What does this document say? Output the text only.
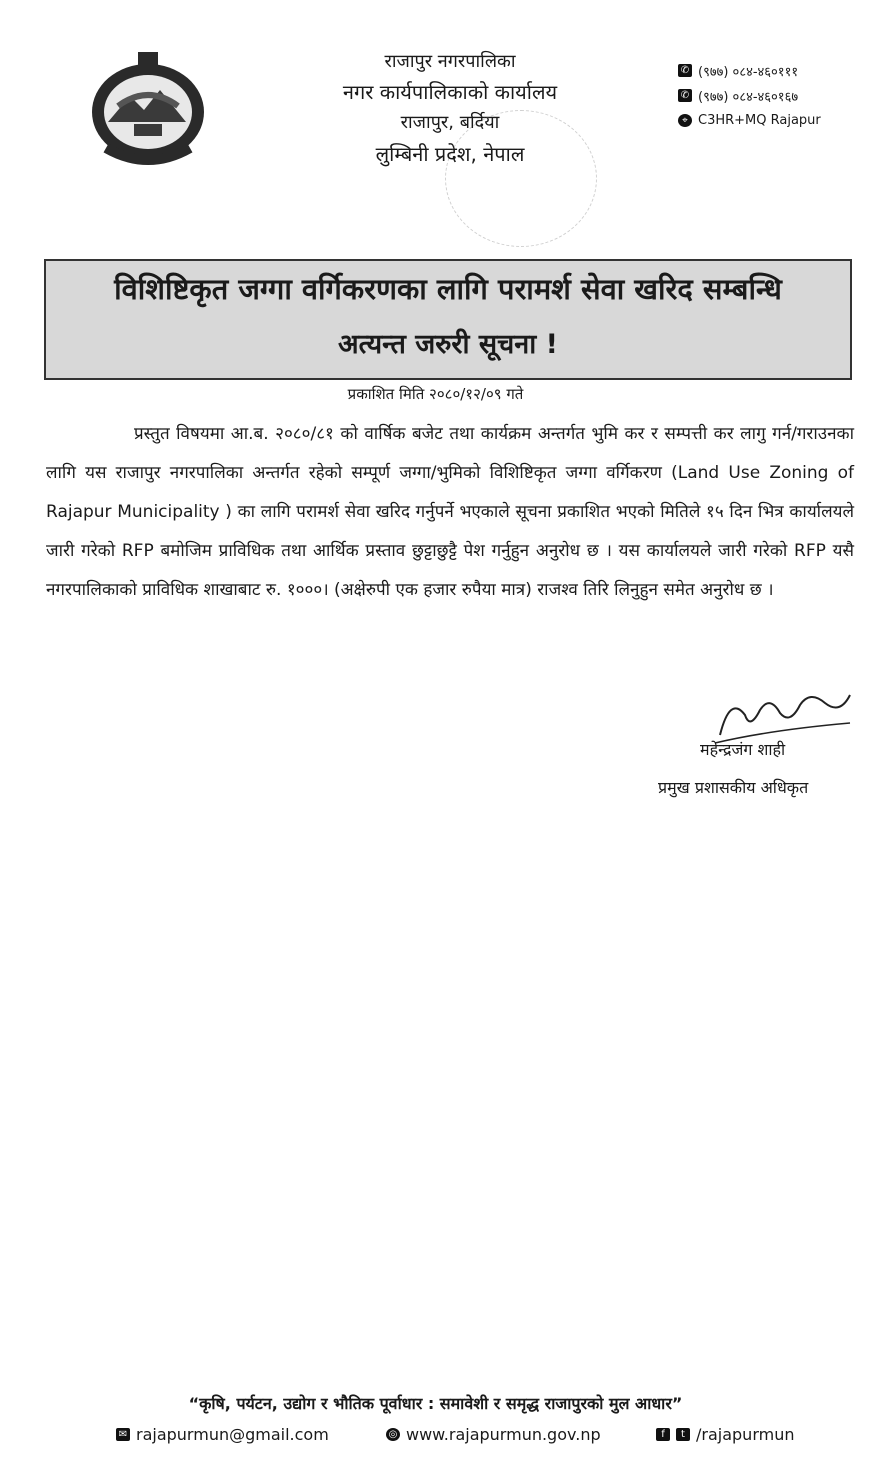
राजापुर नगरपालिका
नगर कार्यपालिकाको कार्यालय
राजापुर, बर्दिया
लुम्बिनी प्रदेश, नेपाल
✆ (९७७) ०८४-४६०१११
✆ (९७७) ०८४-४६०१६७
⌖ C3HR+MQ Rajapur
विशिष्टिकृत जग्गा वर्गिकरणका लागि परामर्श सेवा खरिद सम्बन्धि
अत्यन्त जरुरी सूचना !
प्रकाशित मिति २०८०/१२/०९ गते
प्रस्तुत विषयमा आ.ब. २०८०/८१ को वार्षिक बजेट तथा कार्यक्रम अन्तर्गत भुमि कर र सम्पत्ती कर लागु गर्न/गराउनका लागि यस राजापुर नगरपालिका अन्तर्गत रहेको सम्पूर्ण जग्गा/भुमिको विशिष्टिकृत जग्गा वर्गिकरण (Land Use Zoning of Rajapur Municipality ) का लागि परामर्श सेवा खरिद गर्नुपर्ने भएकाले सूचना प्रकाशित भएको मितिले १५ दिन भित्र कार्यालयले जारी गरेको RFP बमोजिम प्राविधिक तथा आर्थिक प्रस्ताव छुट्टाछुट्टै पेश गर्नुहुन अनुरोध छ । यस कार्यालयले जारी गरेको RFP यसै नगरपालिकाको प्राविधिक शाखाबाट रु. १०००। (अक्षेरुपी एक हजार रुपैया मात्र) राजश्व तिरि लिनुहुन समेत अनुरोध छ ।
महेन्द्रजंग शाही
प्रमुख प्रशासकीय अधिकृत
“कृषि, पर्यटन, उद्योग र भौतिक पूर्वाधार : समावेशी र समृद्ध राजापुरको मुल आधार”
✉ rajapurmun@gmail.com	◎ www.rajapurmun.gov.np	f	t /rajapurmun
